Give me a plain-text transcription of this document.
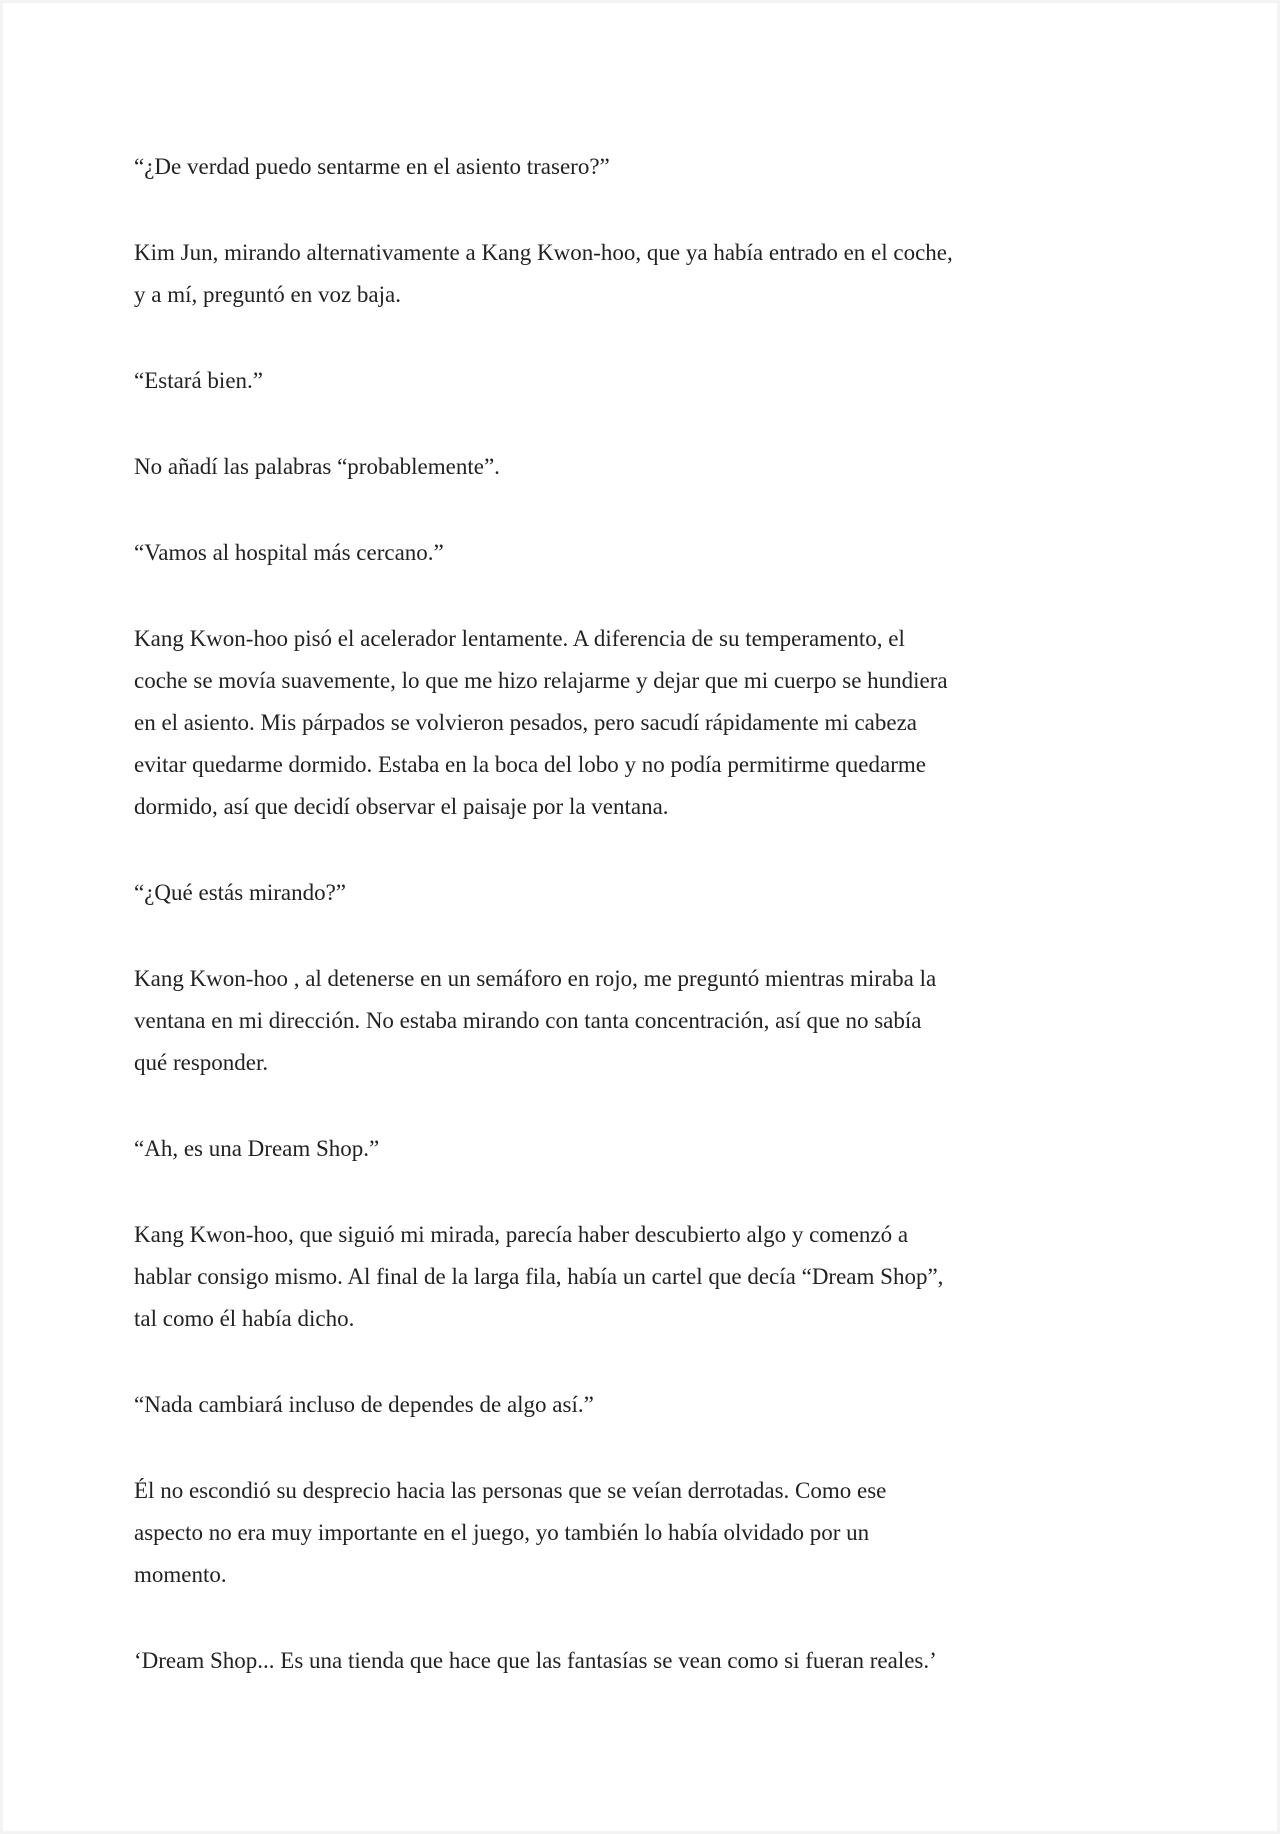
“¿De verdad puedo sentarme en el asiento trasero?”

Kim Jun, mirando alternativamente a Kang Kwon-hoo, que ya había entrado en el coche,
y a mí, preguntó en voz baja.

“Estará bien.”

No añadí las palabras “probablemente”.

“Vamos al hospital más cercano.”

Kang Kwon-hoo pisó el acelerador lentamente. A diferencia de su temperamento, el
coche se movía suavemente, lo que me hizo relajarme y dejar que mi cuerpo se hundiera
en el asiento. Mis párpados se volvieron pesados, pero sacudí rápidamente mi cabeza
evitar quedarme dormido. Estaba en la boca del lobo y no podía permitirme quedarme
dormido, así que decidí observar el paisaje por la ventana.

“¿Qué estás mirando?”

Kang Kwon-hoo , al detenerse en un semáforo en rojo, me preguntó mientras miraba la
ventana en mi dirección. No estaba mirando con tanta concentración, así que no sabía
qué responder.

“Ah, es una Dream Shop.”

Kang Kwon-hoo, que siguió mi mirada, parecía haber descubierto algo y comenzó a
hablar consigo mismo. Al final de la larga fila, había un cartel que decía “Dream Shop”,
tal como él había dicho.

“Nada cambiará incluso de dependes de algo así.”

Él no escondió su desprecio hacia las personas que se veían derrotadas. Como ese
aspecto no era muy importante en el juego, yo también lo había olvidado por un
momento.

‘Dream Shop... Es una tienda que hace que las fantasías se vean como si fueran reales.’
